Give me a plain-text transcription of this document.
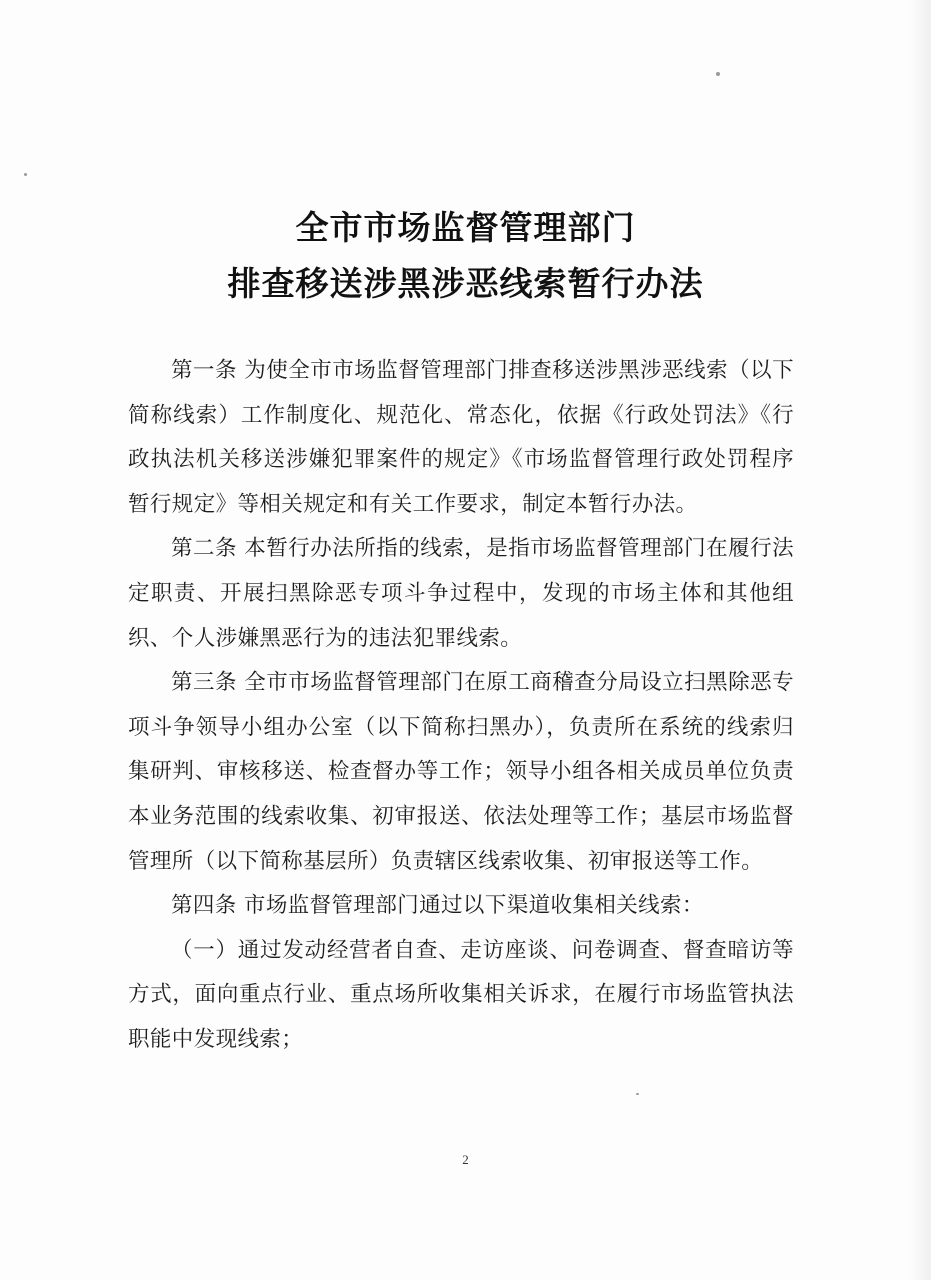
全市市场监督管理部门
排查移送涉黑涉恶线索暂行办法

第一条 为使全市市场监督管理部门排查移送涉黑涉恶线索（以下简称线索）工作制度化、规范化、常态化，依据《行政处罚法》《行政执法机关移送涉嫌犯罪案件的规定》《市场监督管理行政处罚程序暂行规定》等相关规定和有关工作要求，制定本暂行办法。

第二条 本暂行办法所指的线索，是指市场监督管理部门在履行法定职责、开展扫黑除恶专项斗争过程中，发现的市场主体和其他组织、个人涉嫌黑恶行为的违法犯罪线索。

第三条 全市市场监督管理部门在原工商稽查分局设立扫黑除恶专项斗争领导小组办公室（以下简称扫黑办），负责所在系统的线索归集研判、审核移送、检查督办等工作；领导小组各相关成员单位负责本业务范围的线索收集、初审报送、依法处理等工作；基层市场监督管理所（以下简称基层所）负责辖区线索收集、初审报送等工作。

第四条 市场监督管理部门通过以下渠道收集相关线索：

（一）通过发动经营者自查、走访座谈、问卷调查、督查暗访等方式，面向重点行业、重点场所收集相关诉求，在履行市场监管执法职能中发现线索；

2
